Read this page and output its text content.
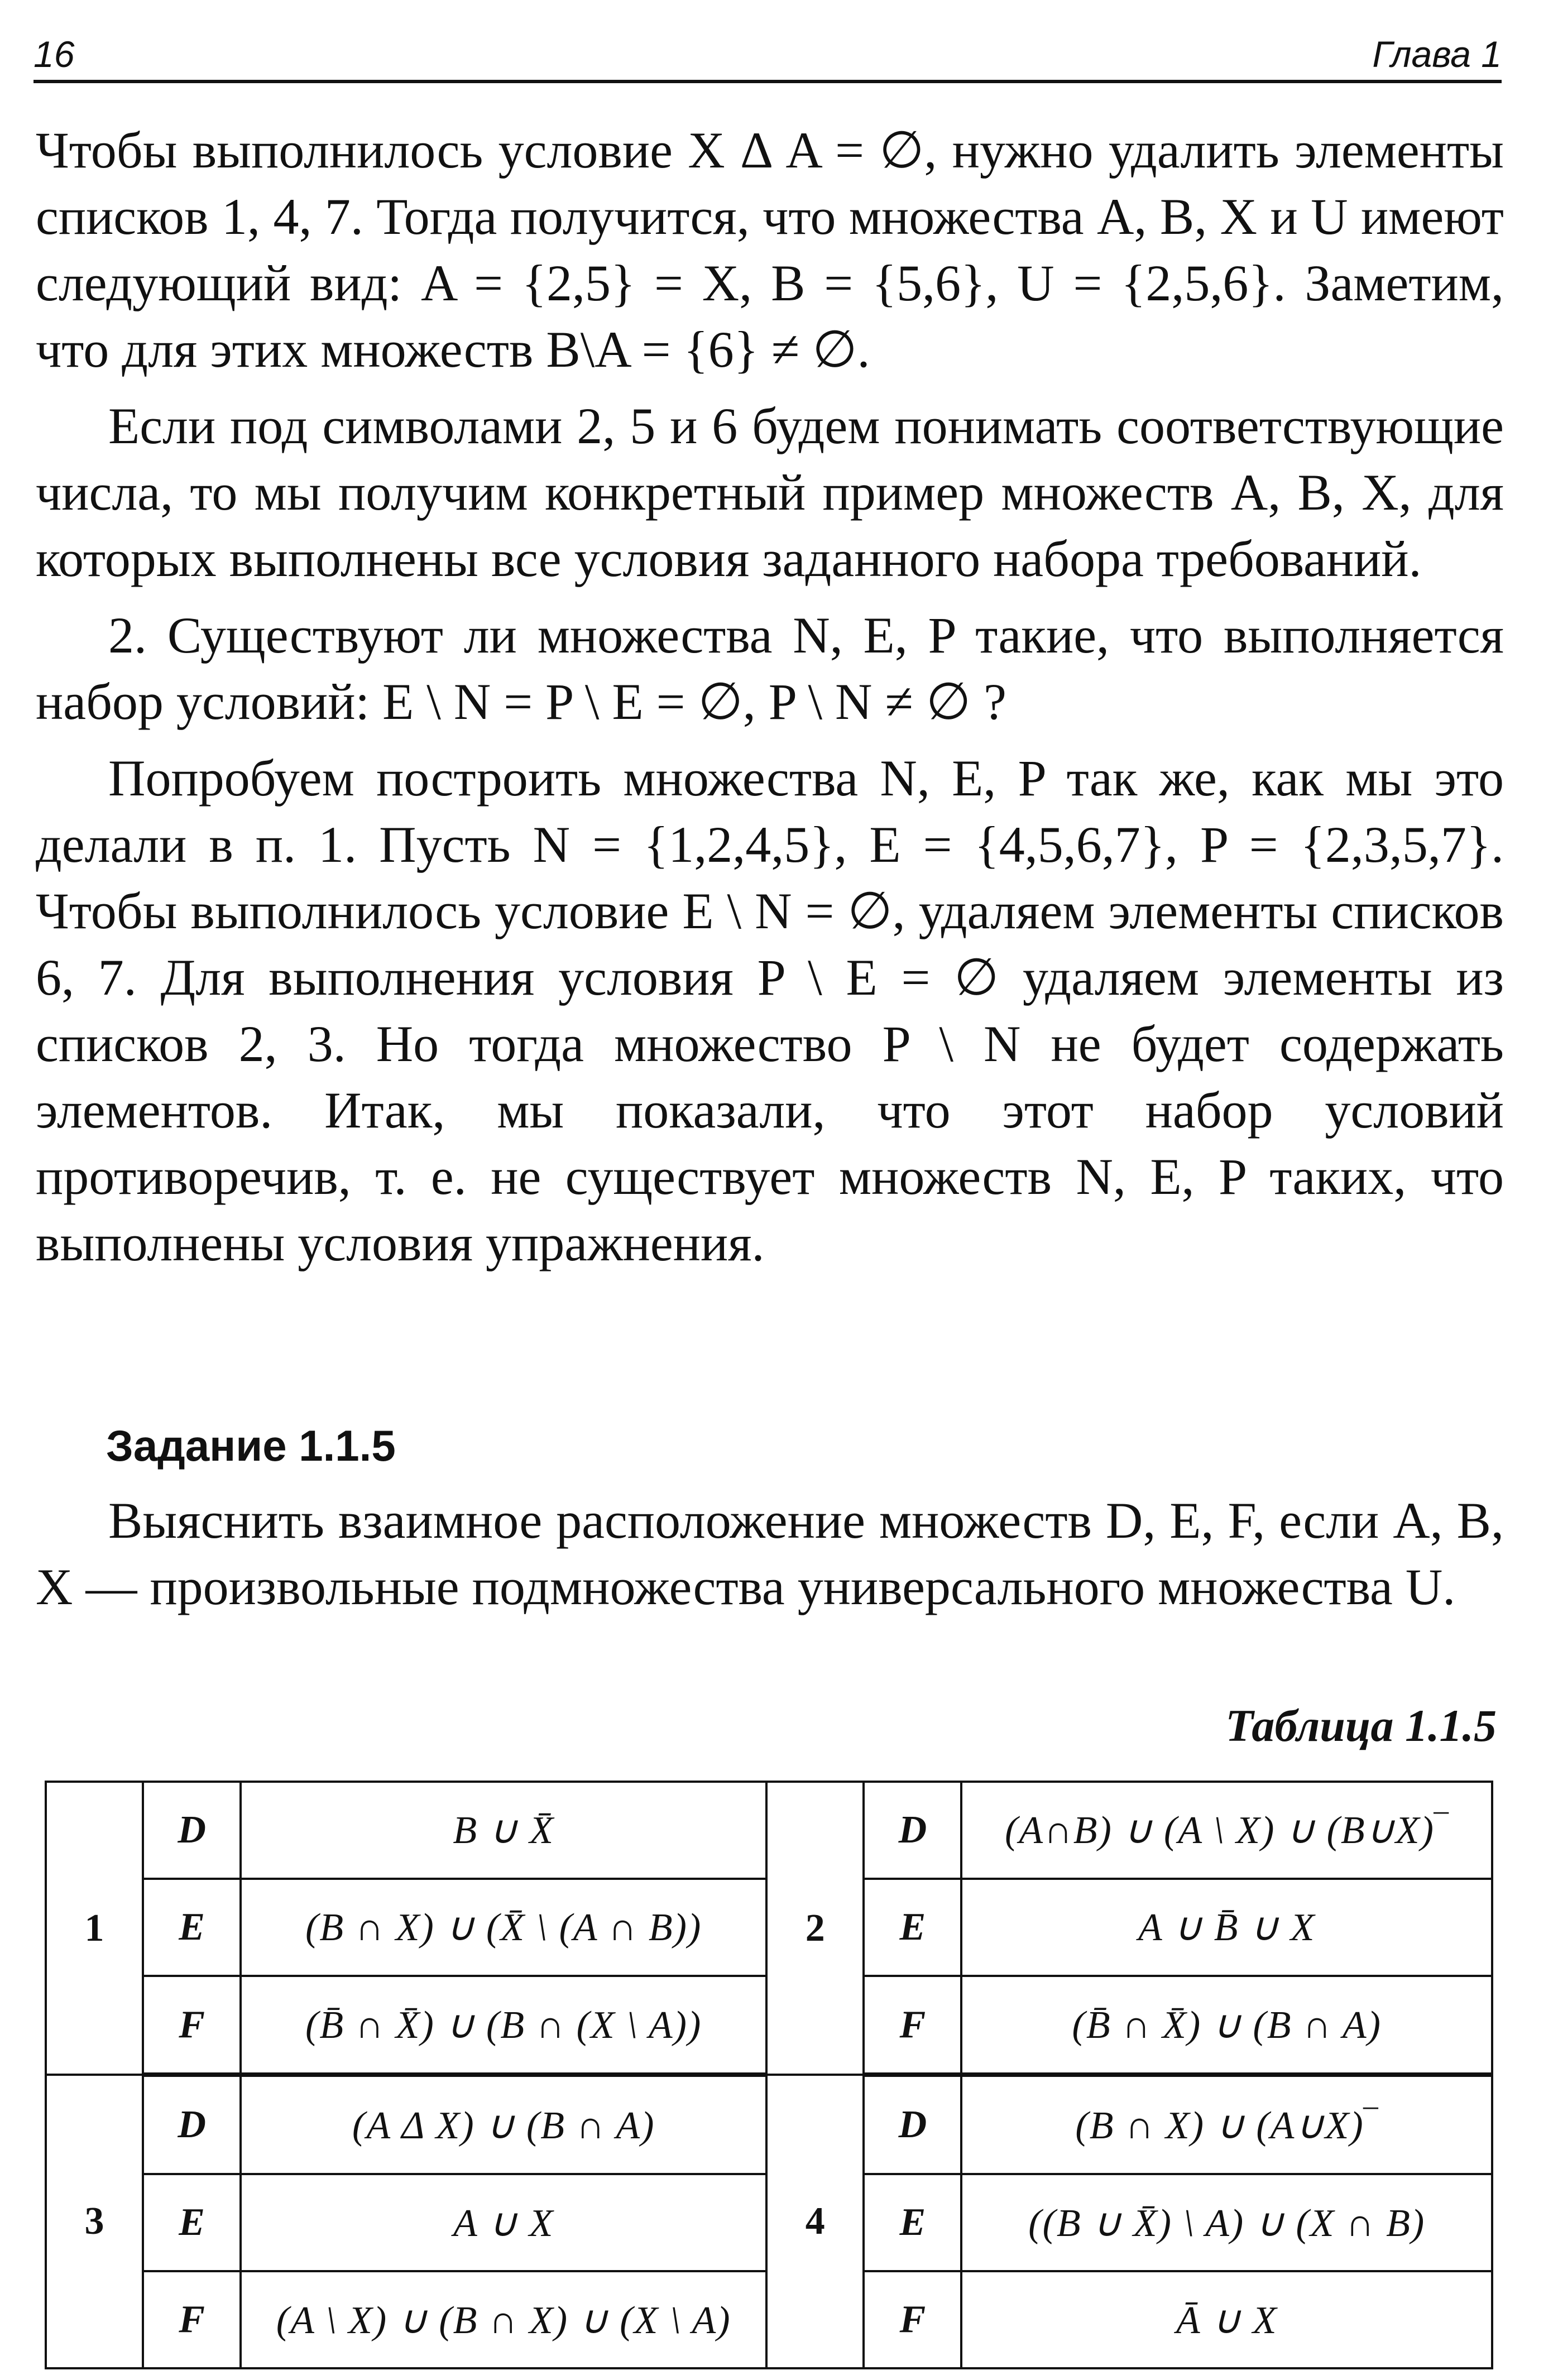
16	Глава 1

Чтобы выполнилось условие X Δ A = ∅, нужно удалить элементы списков 1, 4, 7. Тогда получится, что множества A, B, X и U имеют следующий вид: A = {2,5} = X, B = {5,6}, U = {2,5,6}. Заметим, что для этих множеств B\A = {6} ≠ ∅.

Если под символами 2, 5 и 6 будем понимать соответствующие числа, то мы получим конкретный пример множеств A, B, X, для которых выполнены все условия заданного набора требований.

2. Существуют ли множества N, E, P такие, что выполняется набор условий: E \ N = P \ E = ∅, P \ N ≠ ∅ ?

Попробуем построить множества N, E, P так же, как мы это делали в п. 1. Пусть N = {1,2,4,5}, E = {4,5,6,7}, P = {2,3,5,7}. Чтобы выполнилось условие E \ N = ∅, удаляем элементы списков 6, 7. Для выполнения условия P \ E = ∅ удаляем элементы из списков 2, 3. Но тогда множество P \ N не будет содержать элементов. Итак, мы показали, что этот набор условий противоречив, т. е. не существует множеств N, E, P таких, что выполнены условия упражнения.

Задание 1.1.5

Выяснить взаимное расположение множеств D, E, F, если A, B, X — произвольные подмножества универсального множества U.

Таблица 1.1.5
1	D	B ∪ X̄	2	D	(A∩B) ∪ (A \ X) ∪ (B∪X)‾
	E	(B ∩ X) ∪ (X̄ \ (A ∩ B))		E	A ∪ B̄ ∪ X
	F	(B̄ ∩ X̄) ∪ (B ∩ (X \ A))		F	(B̄ ∩ X̄) ∪ (B ∩ A)
3	D	(A Δ X) ∪ (B ∩ A)	4	D	(B ∩ X) ∪ (A∪X)‾
	E	A ∪ X		E	((B ∪ X̄) \ A) ∪ (X ∩ B)
	F	(A \ X) ∪ (B ∩ X) ∪ (X \ A)		F	Ā ∪ X
